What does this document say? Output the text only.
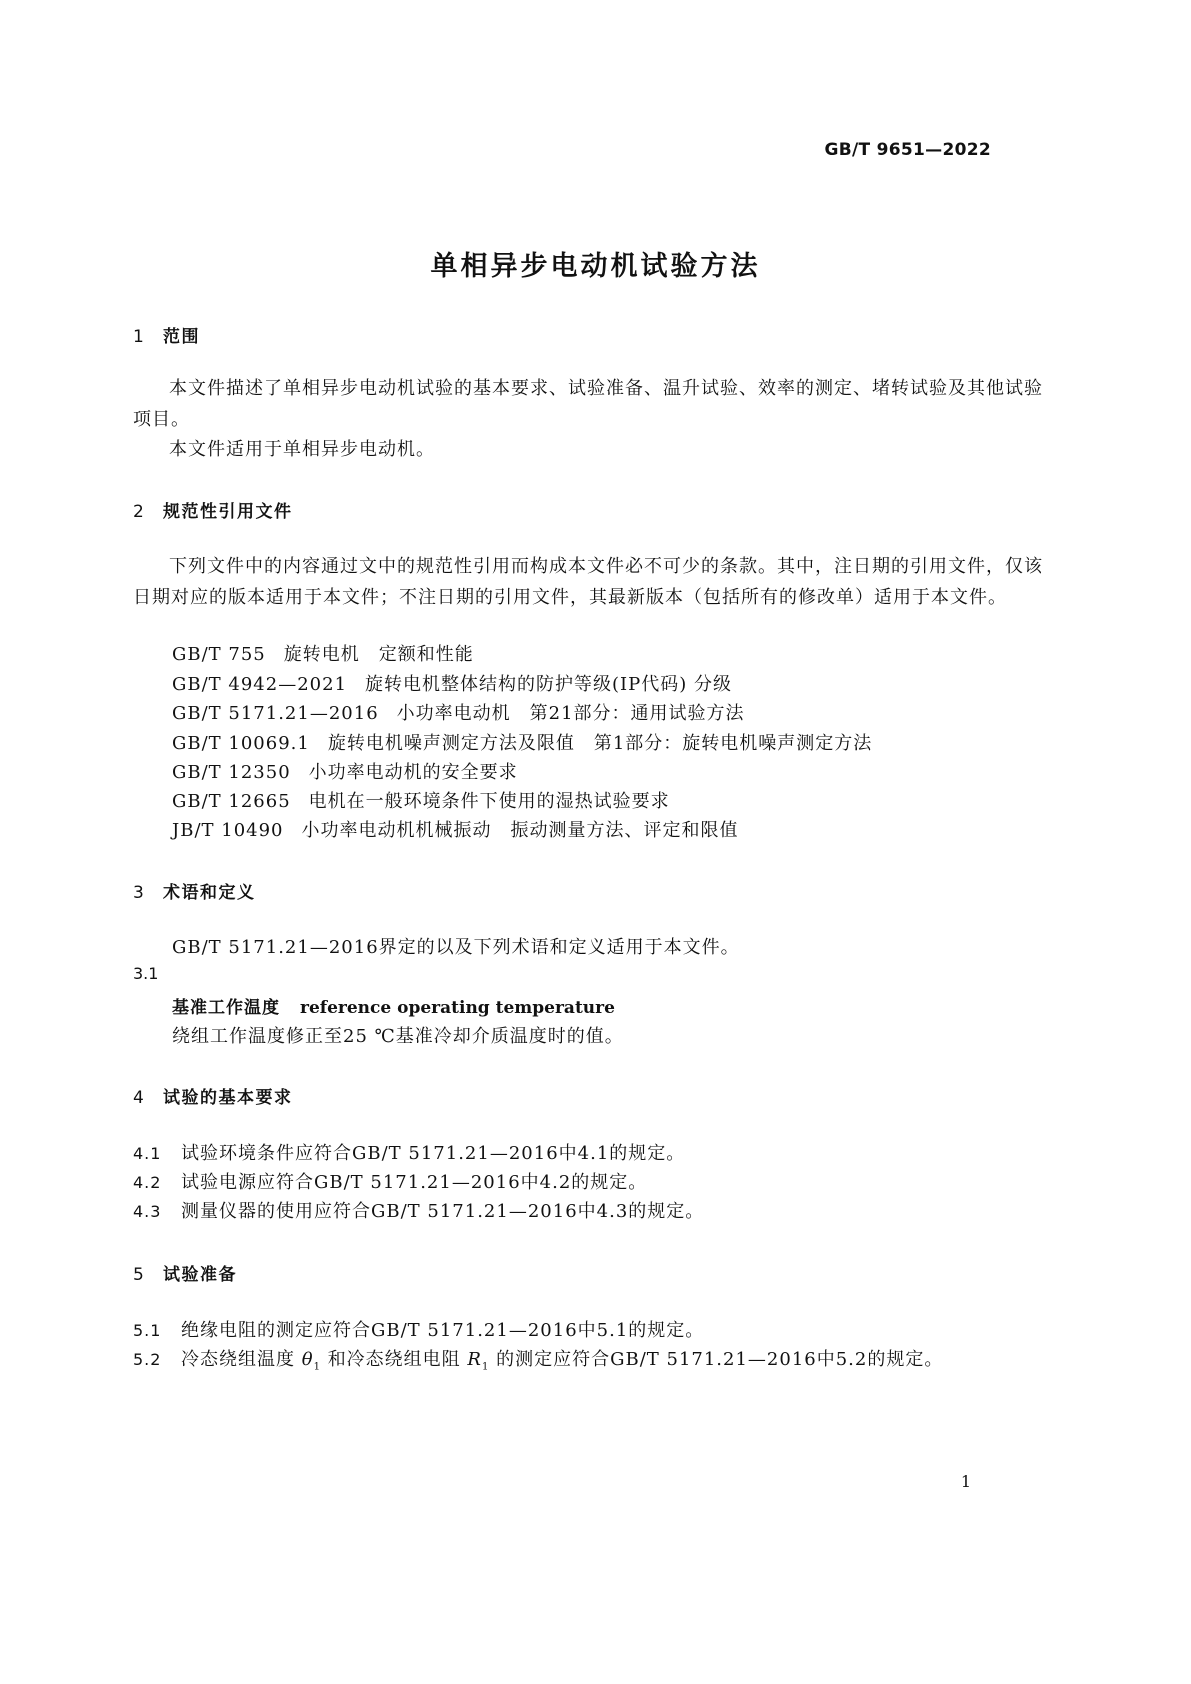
GB/T 9651—2022
单相异步电动机试验方法
1 范围
本文件描述了单相异步电动机试验的基本要求、试验准备、温升试验、效率的测定、堵转试验及其他试验项目。
本文件适用于单相异步电动机。
2 规范性引用文件
下列文件中的内容通过文中的规范性引用而构成本文件必不可少的条款。其中，注日期的引用文件，仅该日期对应的版本适用于本文件；不注日期的引用文件，其最新版本（包括所有的修改单）适用于本文件。
GB/T 755 旋转电机　定额和性能
GB/T 4942—2021 旋转电机整体结构的防护等级(IP代码) 分级
GB/T 5171.21—2016 小功率电动机　第21部分：通用试验方法
GB/T 10069.1 旋转电机噪声测定方法及限值　第1部分：旋转电机噪声测定方法
GB/T 12350 小功率电动机的安全要求
GB/T 12665 电机在一般环境条件下使用的湿热试验要求
JB/T 10490 小功率电动机机械振动　振动测量方法、评定和限值
3 术语和定义
GB/T 5171.21—2016界定的以及下列术语和定义适用于本文件。
3.1
基准工作温度 reference operating temperature
绕组工作温度修正至25 ℃基准冷却介质温度时的值。
4 试验的基本要求
4.1 试验环境条件应符合GB/T 5171.21—2016中4.1的规定。
4.2 试验电源应符合GB/T 5171.21—2016中4.2的规定。
4.3 测量仪器的使用应符合GB/T 5171.21—2016中4.3的规定。
5 试验准备
5.1 绝缘电阻的测定应符合GB/T 5171.21—2016中5.1的规定。
5.2 冷态绕组温度 $\theta_1$ 和冷态绕组电阻 $R_1$ 的测定应符合GB/T 5171.21—2016中5.2的规定。
1
